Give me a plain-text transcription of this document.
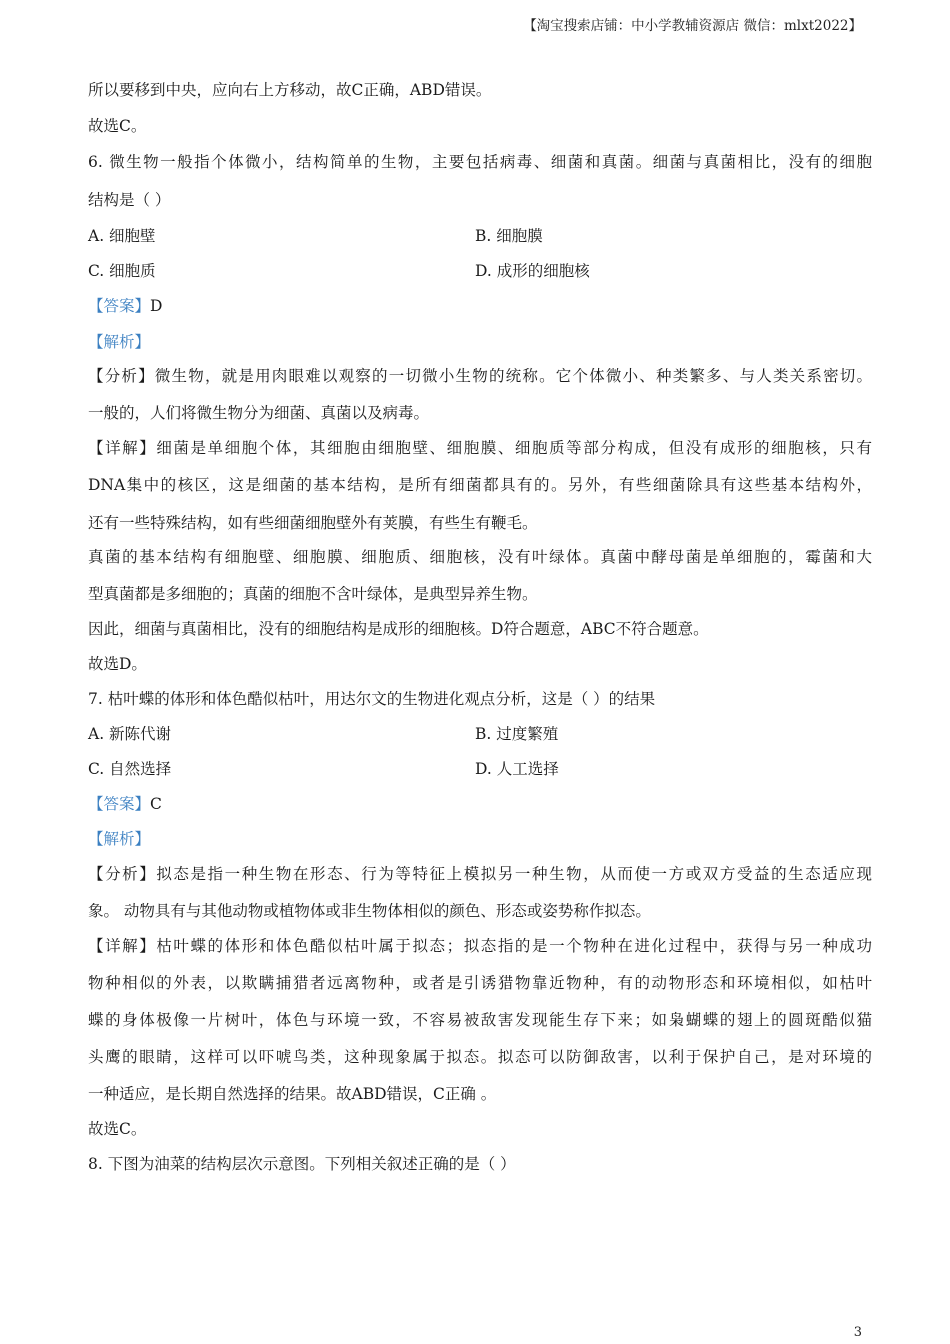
【淘宝搜索店铺：中小学教辅资源店 微信：mlxt2022】
所以要移到中央，应向右上方移动，故C正确，ABD错误。
故选C。
6. 微生物一般指个体微小，结构简单的生物，主要包括病毒、细菌和真菌。细菌与真菌相比，没有的细胞
结构是（ ）
A. 细胞壁	B. 细胞膜
C. 细胞质	D. 成形的细胞核
【答案】D
【解析】
【分析】微生物，就是用肉眼难以观察的一切微小生物的统称。它个体微小、种类繁多、与人类关系密切。
一般的，人们将微生物分为细菌、真菌以及病毒。
【详解】细菌是单细胞个体，其细胞由细胞壁、细胞膜、细胞质等部分构成，但没有成形的细胞核，只有
DNA集中的核区，这是细菌的基本结构，是所有细菌都具有的。另外，有些细菌除具有这些基本结构外，
还有一些特殊结构，如有些细菌细胞壁外有荚膜，有些生有鞭毛。
真菌的基本结构有细胞壁、细胞膜、细胞质、细胞核，没有叶绿体。真菌中酵母菌是单细胞的，霉菌和大
型真菌都是多细胞的；真菌的细胞不含叶绿体，是典型异养生物。
因此，细菌与真菌相比，没有的细胞结构是成形的细胞核。D符合题意，ABC不符合题意。
故选D。
7. 枯叶蝶的体形和体色酷似枯叶，用达尔文的生物进化观点分析，这是（ ）的结果
A. 新陈代谢	B. 过度繁殖
C. 自然选择	D. 人工选择
【答案】C
【解析】
【分析】拟态是指一种生物在形态、行为等特征上模拟另一种生物，从而使一方或双方受益的生态适应现
象。 动物具有与其他动物或植物体或非生物体相似的颜色、形态或姿势称作拟态。
【详解】枯叶蝶的体形和体色酷似枯叶属于拟态；拟态指的是一个物种在进化过程中，获得与另一种成功
物种相似的外表，以欺瞒捕猎者远离物种，或者是引诱猎物靠近物种，有的动物形态和环境相似，如枯叶
蝶的身体极像一片树叶，体色与环境一致，不容易被敌害发现能生存下来；如枭蝴蝶的翅上的圆斑酷似猫
头鹰的眼睛，这样可以吓唬鸟类，这种现象属于拟态。拟态可以防御敌害，以利于保护自己，是对环境的
一种适应，是长期自然选择的结果。故ABD错误，C正确 。
故选C。
8. 下图为油菜的结构层次示意图。下列相关叙述正确的是（ ）
3
